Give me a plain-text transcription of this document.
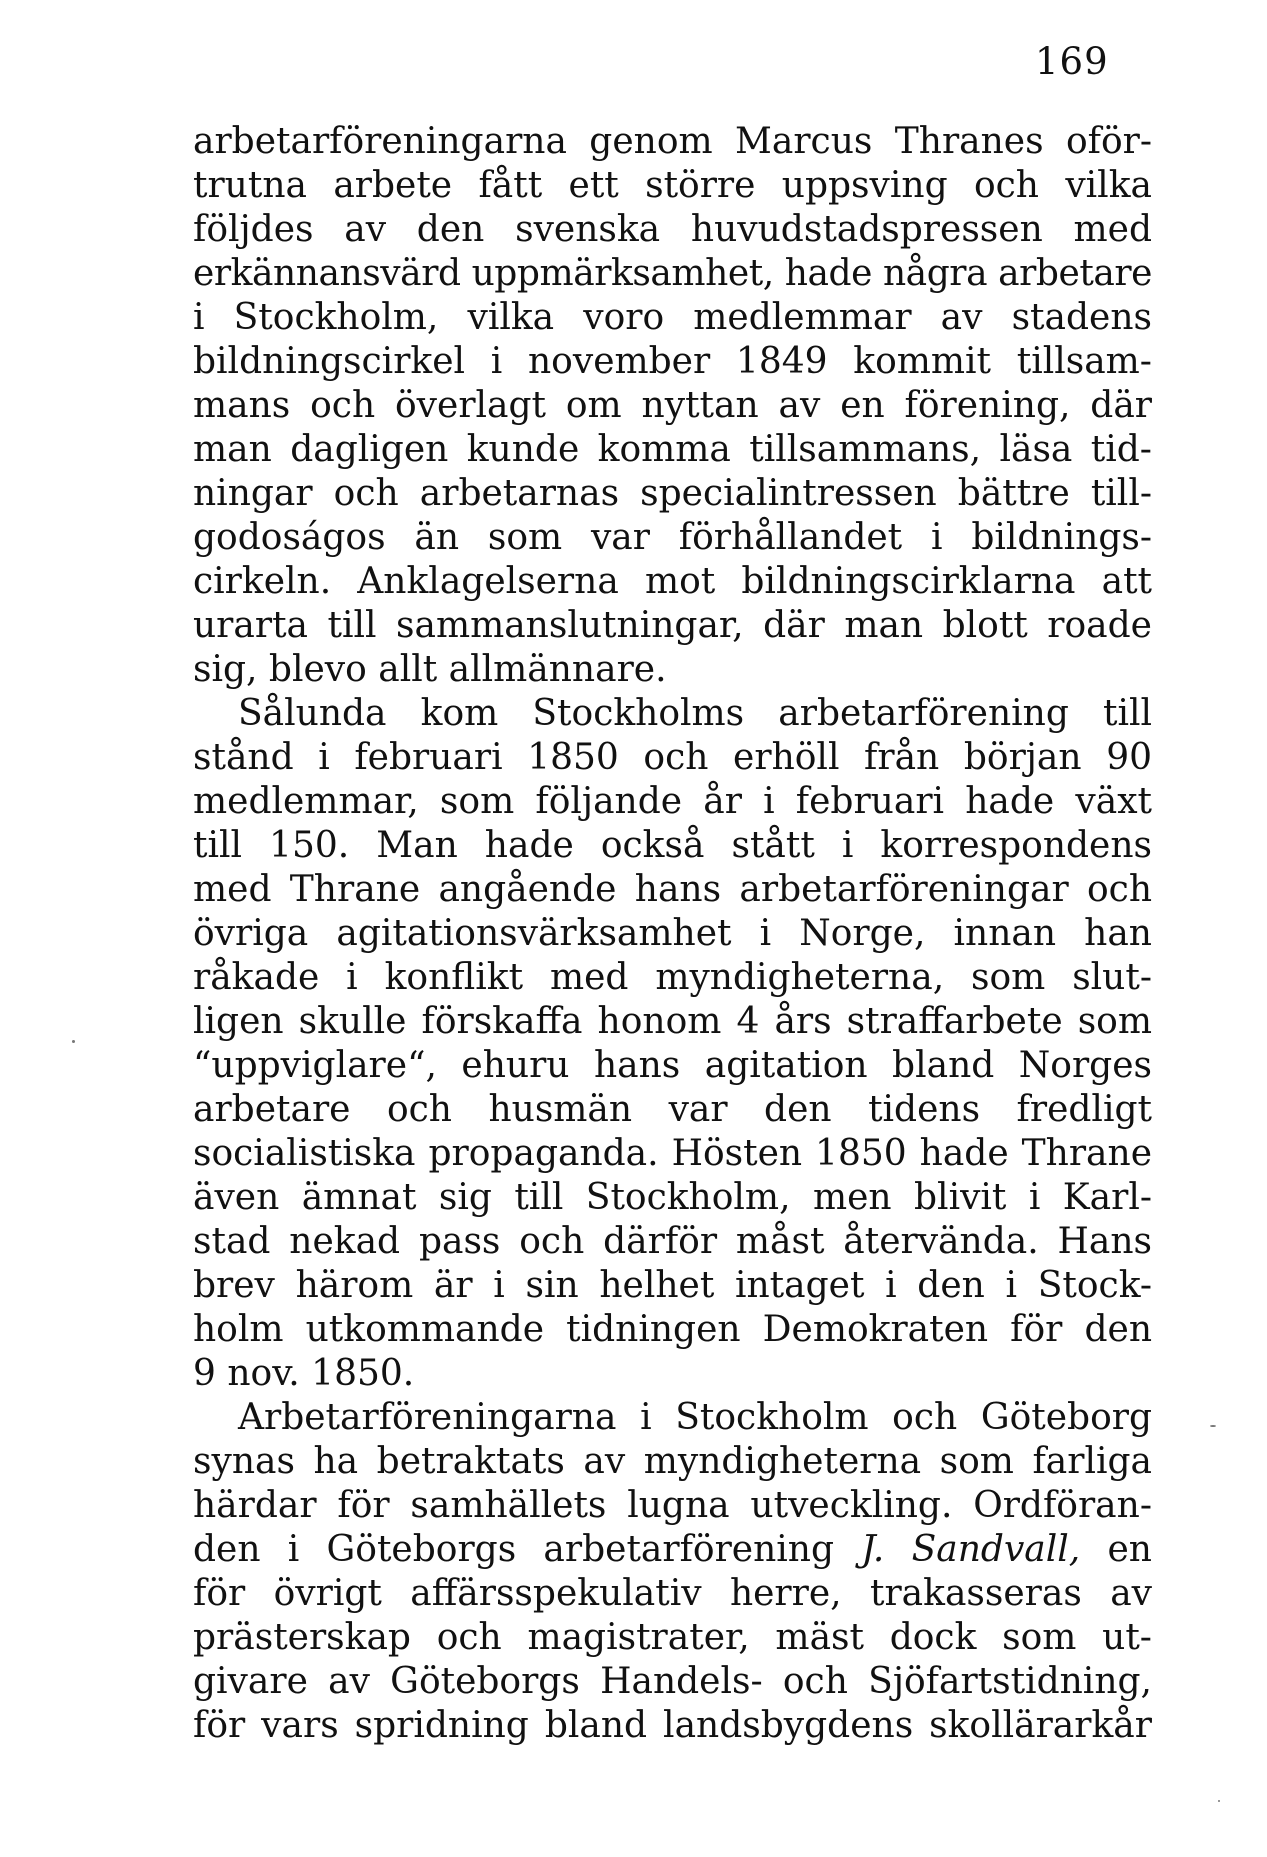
169
arbetarföreningarna genom Marcus Thranes oför-
trutna arbete fått ett större uppsving och vilka
följdes av den svenska huvudstadspressen med
erkännansvärd uppmärksamhet, hade några arbetare
i Stockholm, vilka voro medlemmar av stadens
bildningscirkel i november 1849 kommit tillsam-
mans och överlagt om nyttan av en förening, där
man dagligen kunde komma tillsammans, läsa tid-
ningar och arbetarnas specialintressen bättre till-
godoságos än som var förhållandet i bildnings-
cirkeln. Anklagelserna mot bildningscirklarna att
urarta till sammanslutningar, där man blott roade
sig, blevo allt allmännare.
Sålunda kom Stockholms arbetarförening till
stånd i februari 1850 och erhöll från början 90
medlemmar, som följande år i februari hade växt
till 150. Man hade också stått i korrespondens
med Thrane angående hans arbetarföreningar och
övriga agitationsvärksamhet i Norge, innan han
råkade i konflikt med myndigheterna, som slut-
ligen skulle förskaffa honom 4 års straffarbete som
“uppviglare“, ehuru hans agitation bland Norges
arbetare och husmän var den tidens fredligt
socialistiska propaganda. Hösten 1850 hade Thrane
även ämnat sig till Stockholm, men blivit i Karl-
stad nekad pass och därför måst återvända. Hans
brev härom är i sin helhet intaget i den i Stock-
holm utkommande tidningen Demokraten för den
9 nov. 1850.
Arbetarföreningarna i Stockholm och Göteborg
synas ha betraktats av myndigheterna som farliga
härdar för samhällets lugna utveckling. Ordföran-
den i Göteborgs arbetarförening J. Sandvall, en
för övrigt affärsspekulativ herre, trakasseras av
prästerskap och magistrater, mäst dock som ut-
givare av Göteborgs Handels- och Sjöfartstidning,
för vars spridning bland landsbygdens skollärarkår
